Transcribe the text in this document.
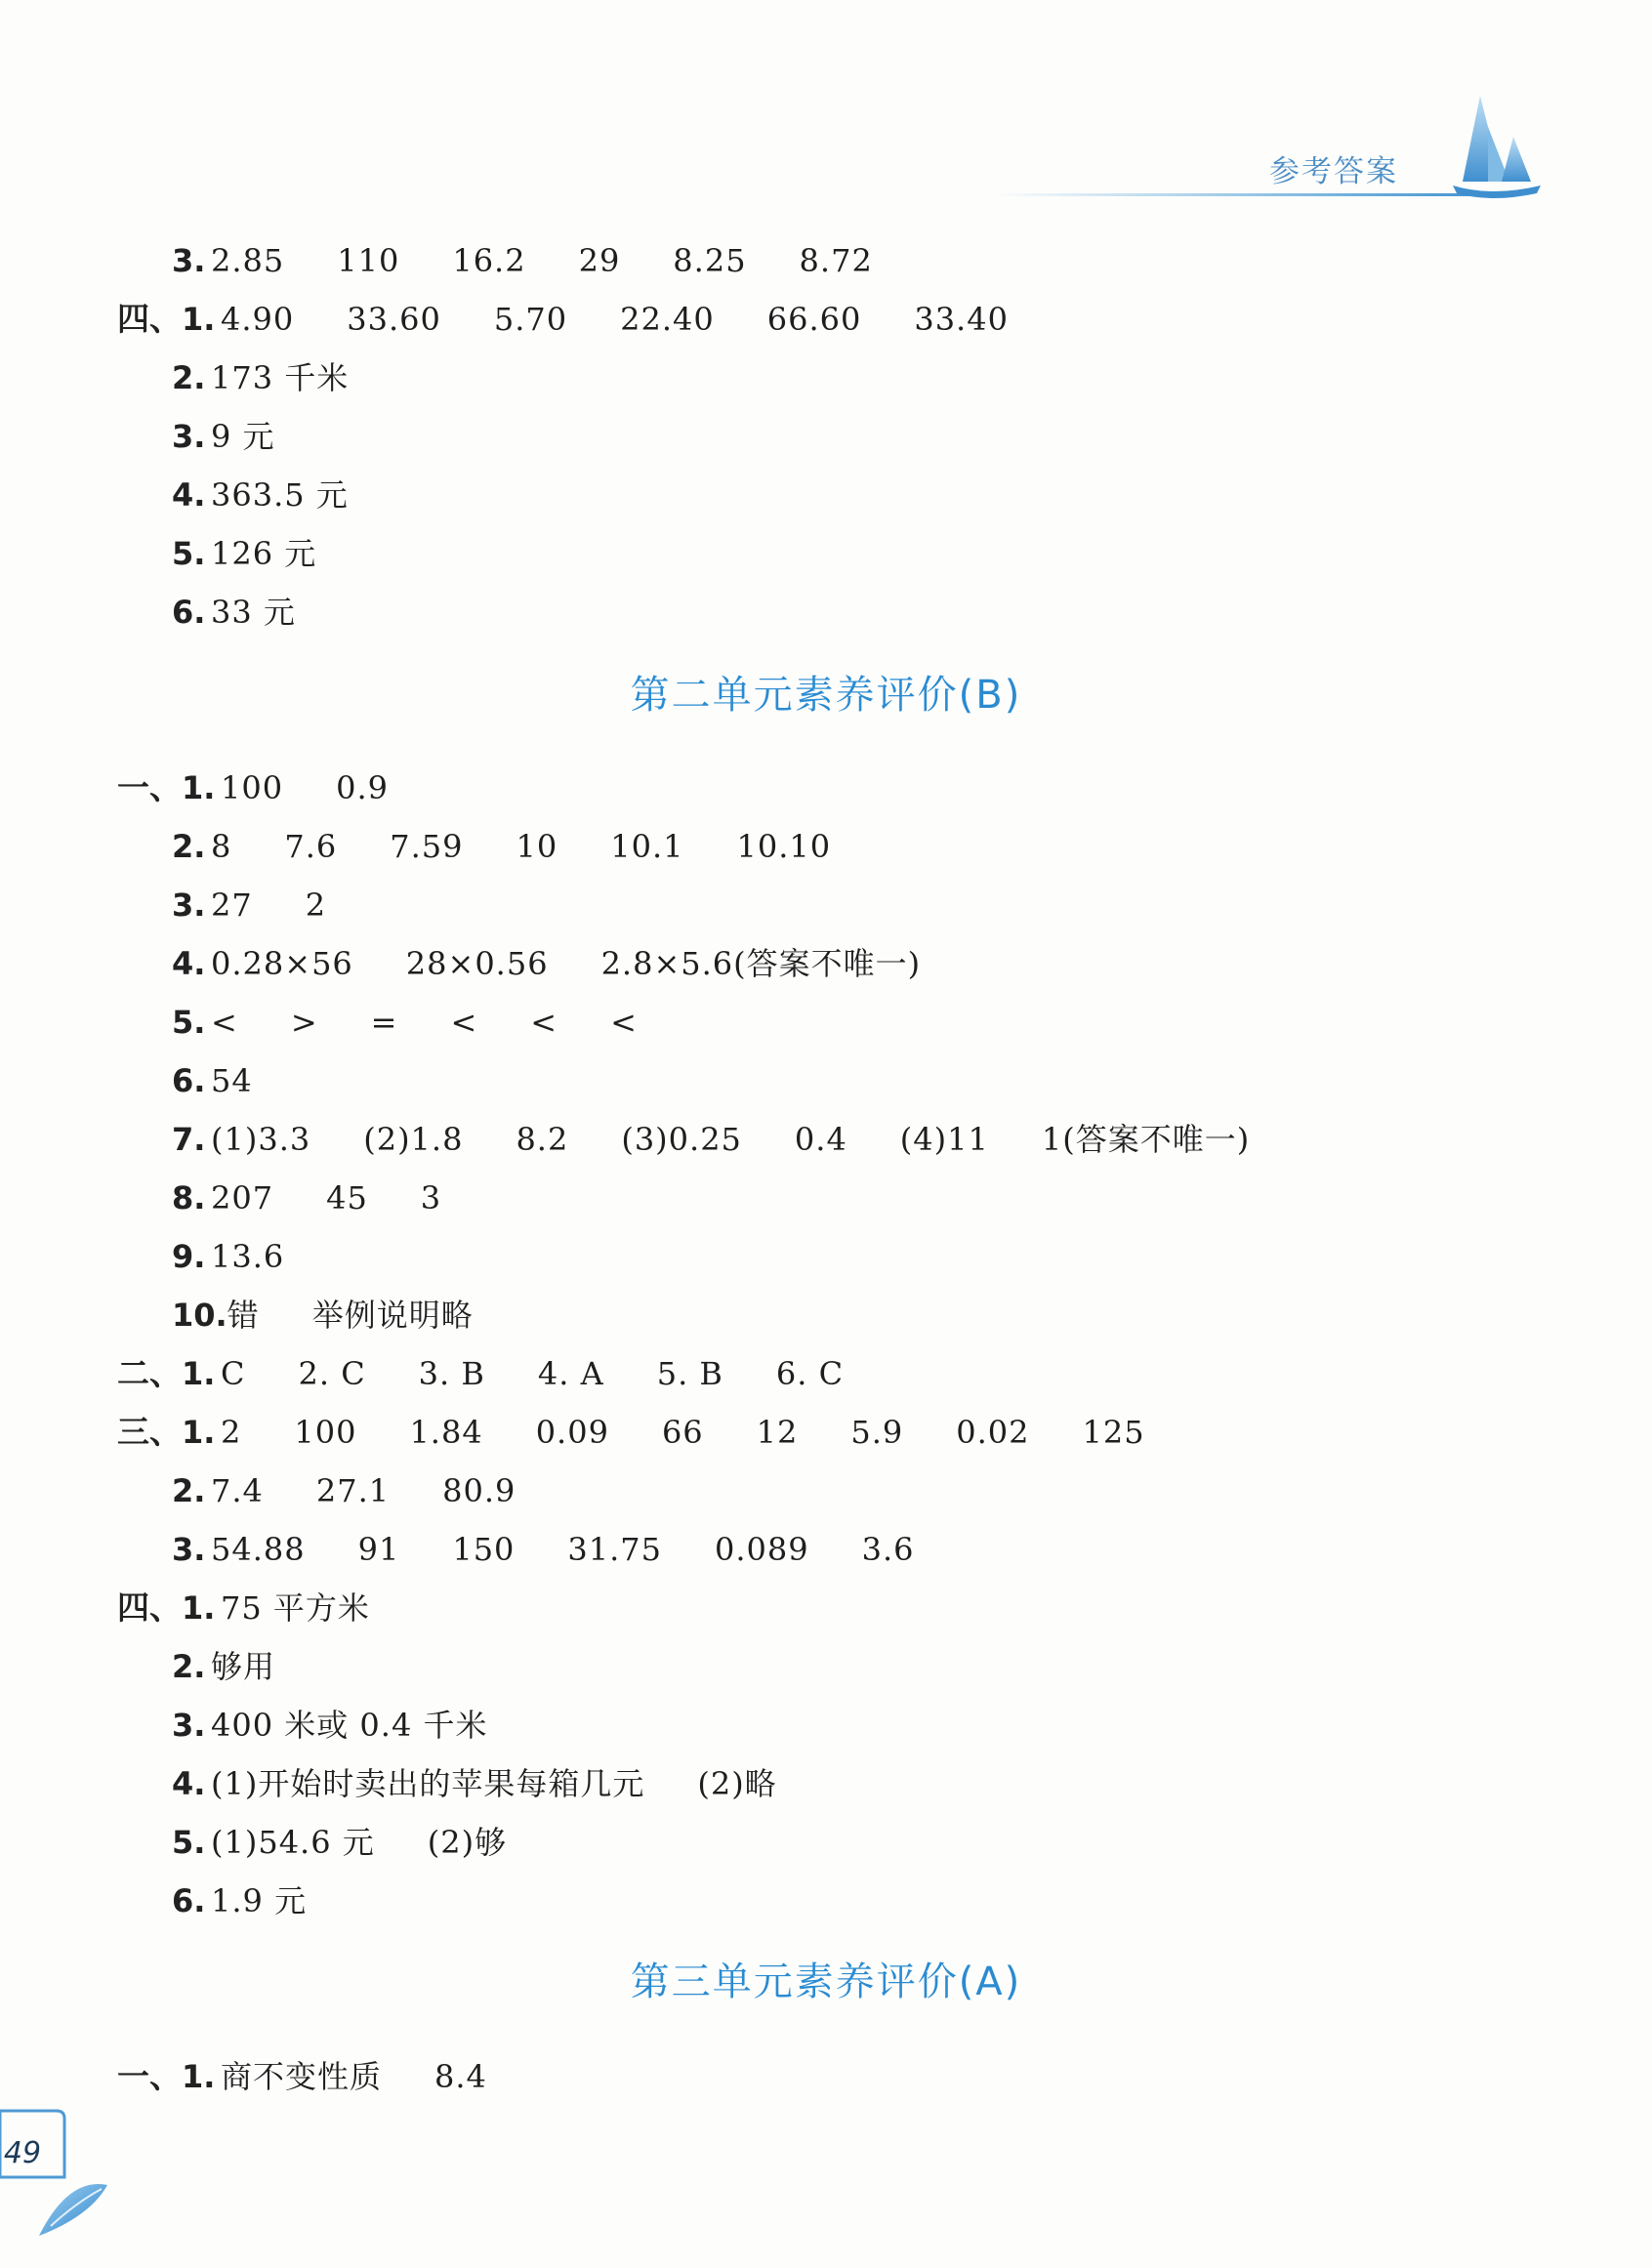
参考答案
3. 2.85 110 16.2 29 8.25 8.72
四、1. 4.90 33.60 5.70 22.40 66.60 33.40
2. 173 千米
3. 9 元
4. 363.5 元
5. 126 元
6. 33 元
第二单元素养评价(B)
一、1. 100 0.9
2. 8 7.6 7.59 10 10.1 10.10
3. 27 2
4. 0.28×56 28×0.56 2.8×5.6(答案不唯一)
5. < > = < < <
6. 54
7. (1)3.3 (2)1.8 8.2 (3)0.25 0.4 (4)11 1(答案不唯一)
8. 207 45 3
9. 13.6
10.错 举例说明略
二、1. C 2. C 3. B 4. A 5. B 6. C
三、1. 2 100 1.84 0.09 66 12 5.9 0.02 125
2. 7.4 27.1 80.9
3. 54.88 91 150 31.75 0.089 3.6
四、1. 75 平方米
2. 够用
3. 400 米或 0.4 千米
4. (1)开始时卖出的苹果每箱几元 (2)略
5. (1)54.6 元 (2)够
6. 1.9 元
第三单元素养评价(A)
一、1. 商不变性质 8.4
49
